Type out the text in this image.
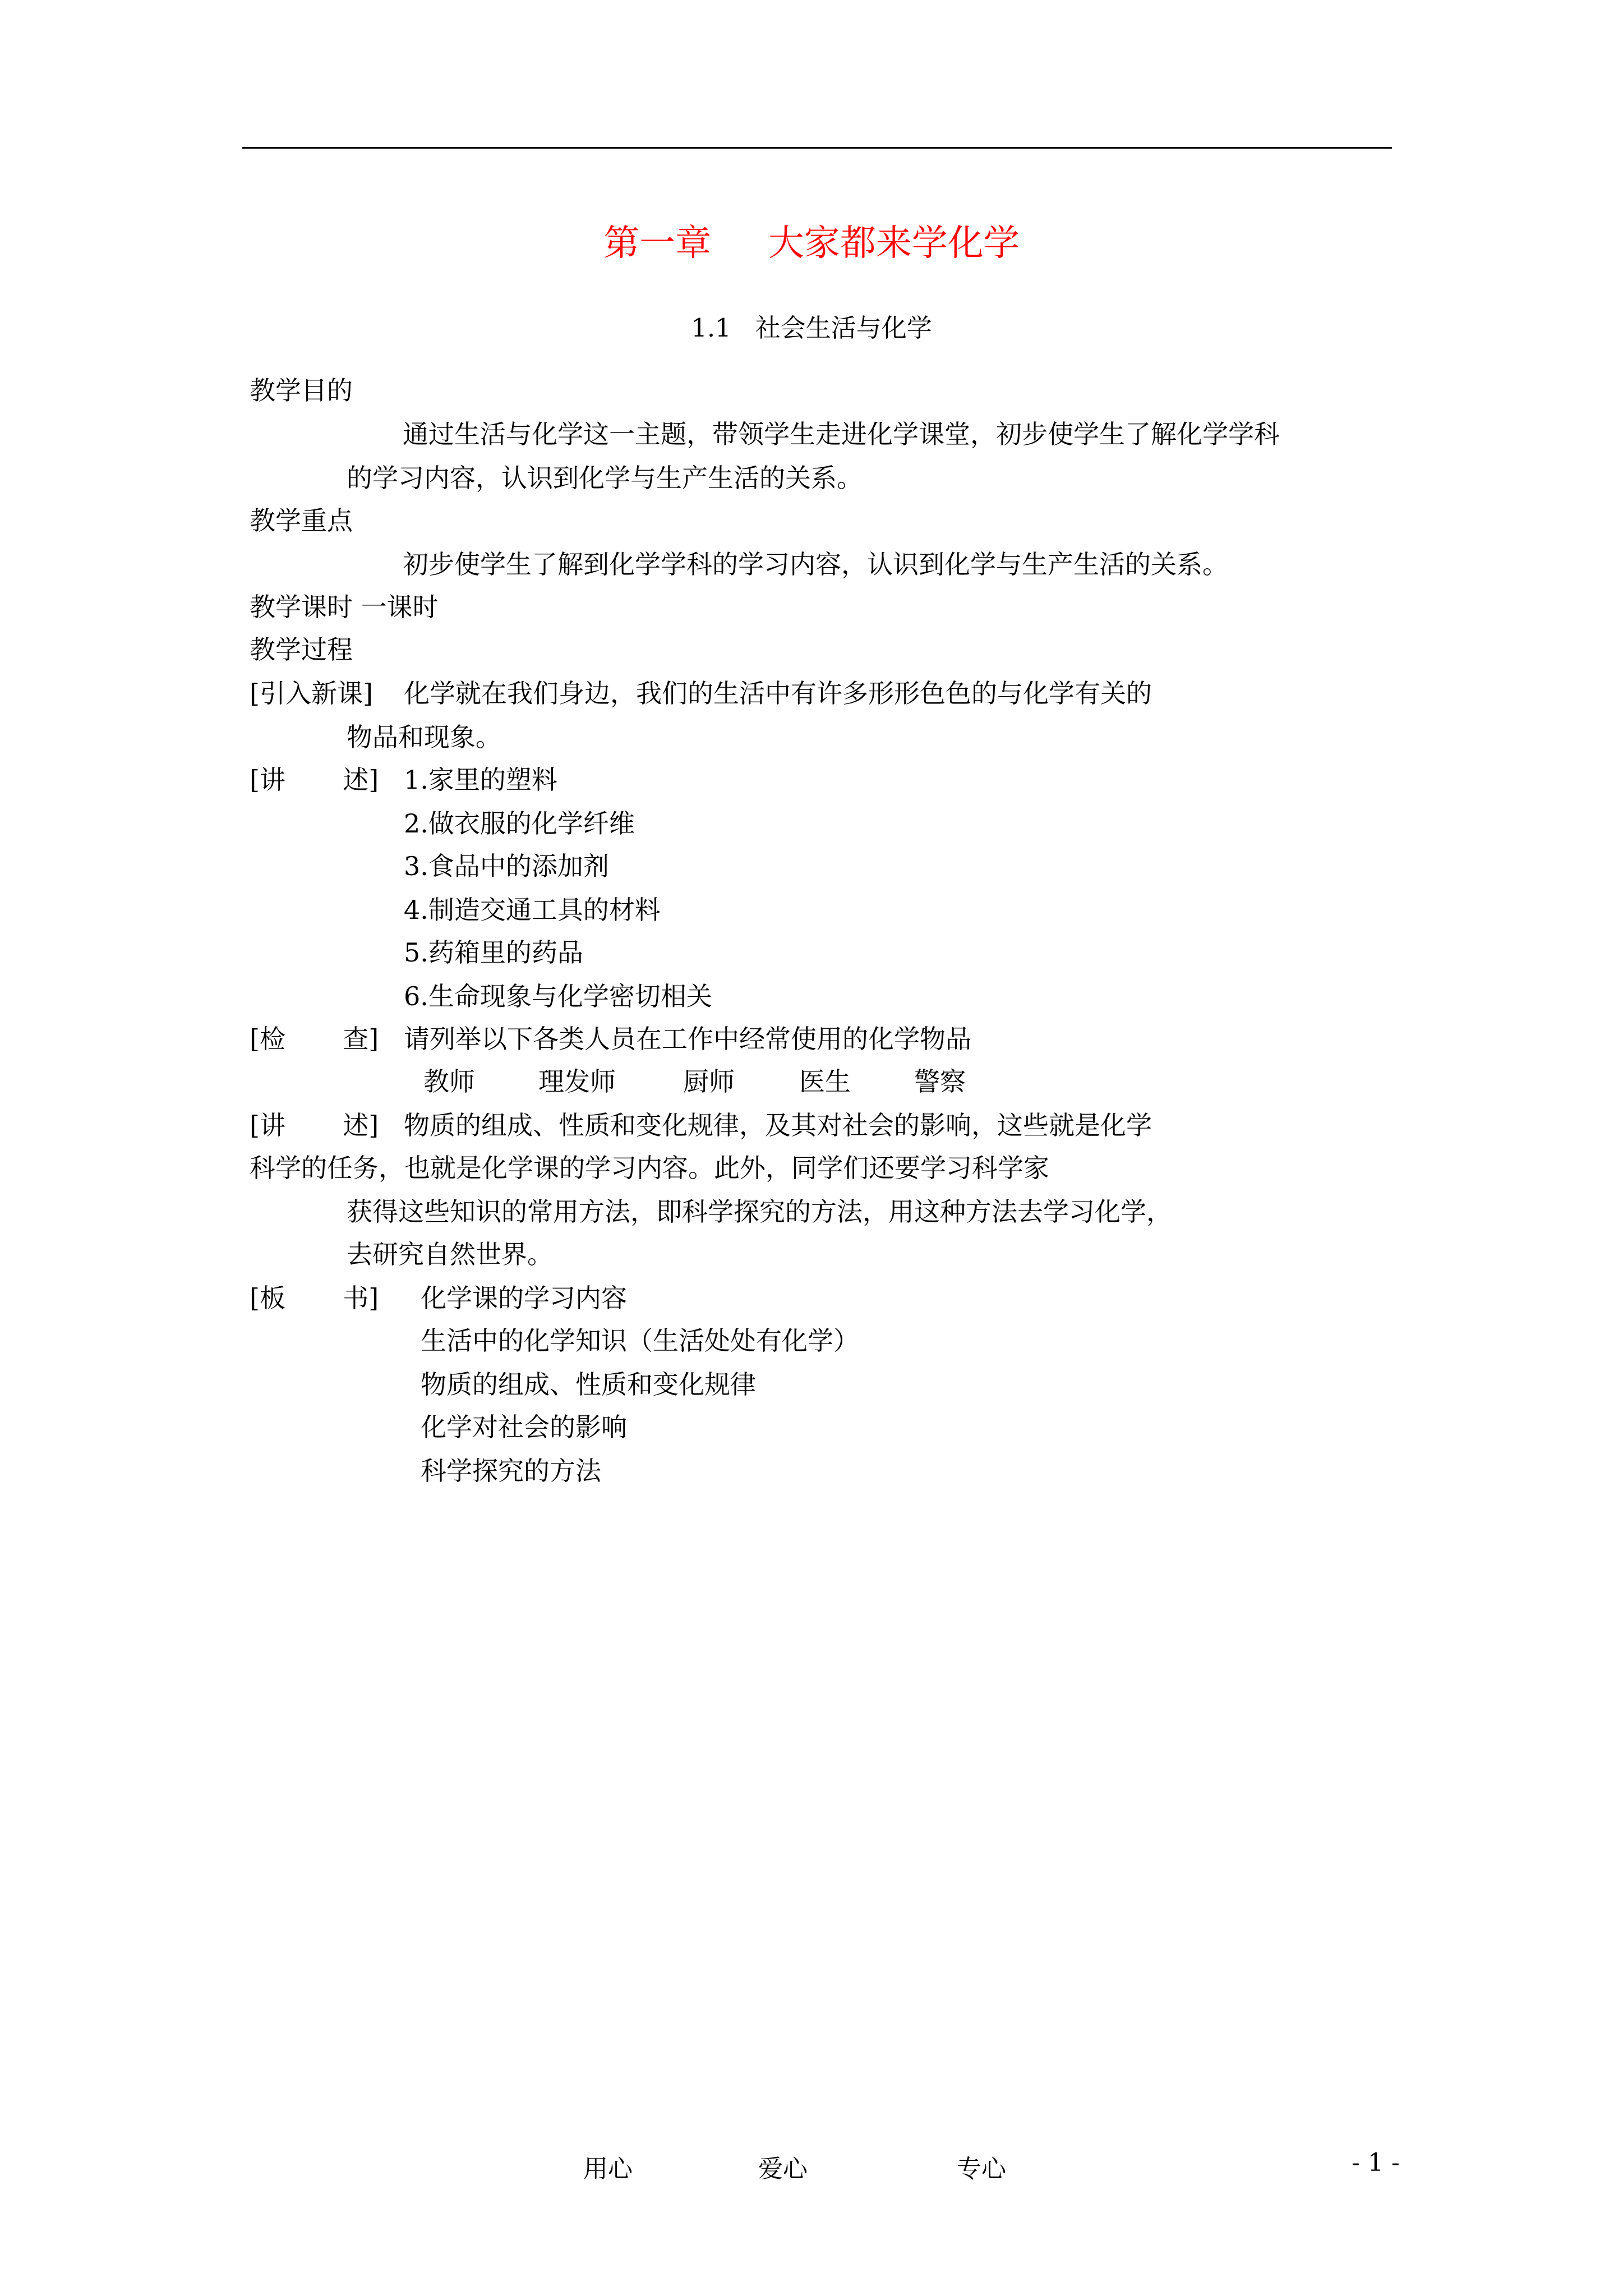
第一章     大家都来学化学
1.1   社会生活与化学
教学目的
通过生活与化学这一主题，带领学生走进化学课堂，初步使学生了解化学学科
的学习内容，认识到化学与生产生活的关系。
教学重点
初步使学生了解到化学学科的学习内容，认识到化学与生产生活的关系。
教学课时 一课时
教学过程
[引入新课] 化学就在我们身边，我们的生活中有许多形形色色的与化学有关的
物品和现象。
[讲       述] 1.家里的塑料
2.做衣服的化学纤维
3.食品中的添加剂
4.制造交通工具的材料
5.药箱里的药品
6.生命现象与化学密切相关
[检       查] 请列举以下各类人员在工作中经常使用的化学物品
教师 理发师	厨师	医生 警察
[讲       述] 物质的组成、性质和变化规律，及其对社会的影响，这些就是化学
科学的任务，也就是化学课的学习内容。此外，同学们还要学习科学家
获得这些知识的常用方法，即科学探究的方法，用这种方法去学习化学，
去研究自然世界。
[板       书] 化学课的学习内容
生活中的化学知识（生活处处有化学）
物质的组成、性质和变化规律
化学对社会的影响
科学探究的方法
用心	爱心	专心	- 1 -
